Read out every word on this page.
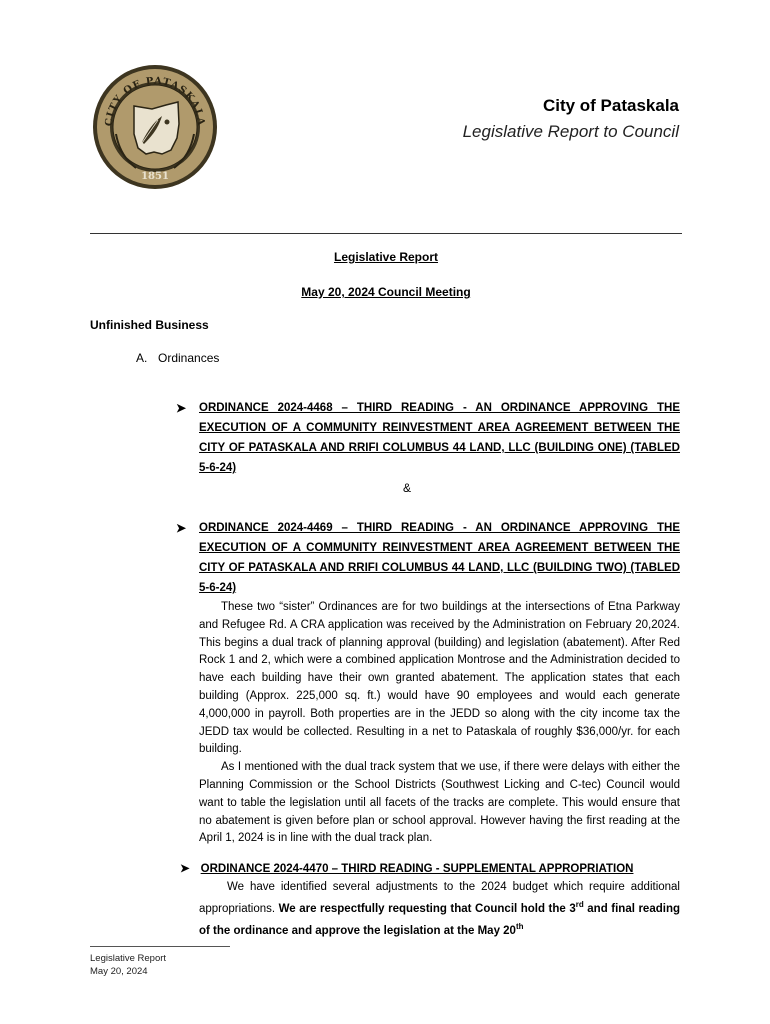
CITY OF PATASKALA
1851
City of Pataskala
Legislative Report to Council
Legislative Report
May 20, 2024 Council Meeting
Unfinished Business
A. Ordinances
➤ ORDINANCE 2024-4468 – THIRD READING - AN ORDINANCE APPROVING THE EXECUTION OF A COMMUNITY REINVESTMENT AREA AGREEMENT BETWEEN THE CITY OF PATASKALA AND RRIFI COLUMBUS 44 LAND, LLC (BUILDING ONE) (TABLED 5-6-24)
&
➤ ORDINANCE 2024-4469 – THIRD READING - AN ORDINANCE APPROVING THE EXECUTION OF A COMMUNITY REINVESTMENT AREA AGREEMENT BETWEEN THE CITY OF PATASKALA AND RRIFI COLUMBUS 44 LAND, LLC (BUILDING TWO) (TABLED 5-6-24)

These two “sister” Ordinances are for two buildings at the intersections of Etna Parkway and Refugee Rd. A CRA application was received by the Administration on February 20,2024. This begins a dual track of planning approval (building) and legislation (abatement). After Red Rock 1 and 2, which were a combined application Montrose and the Administration decided to have each building have their own granted abatement. The application states that each building (Approx. 225,000 sq. ft.) would have 90 employees and would each generate 4,000,000 in payroll. Both properties are in the JEDD so along with the city income tax the JEDD tax would be collected. Resulting in a net to Pataskala of roughly $36,000/yr. for each building.

As I mentioned with the dual track system that we use, if there were delays with either the Planning Commission or the School Districts (Southwest Licking and C-tec) Council would want to table the legislation until all facets of the tracks are complete. This would ensure that no abatement is given before plan or school approval. However having the first reading at the April 1, 2024 is in line with the dual track plan.

➤ ORDINANCE 2024-4470 – THIRD READING - SUPPLEMENTAL APPROPRIATION
We have identified several adjustments to the 2024 budget which require additional appropriations. We are respectfully requesting that Council hold the 3rd and final reading of the ordinance and approve the legislation at the May 20th
Legislative Report
May 20, 2024
